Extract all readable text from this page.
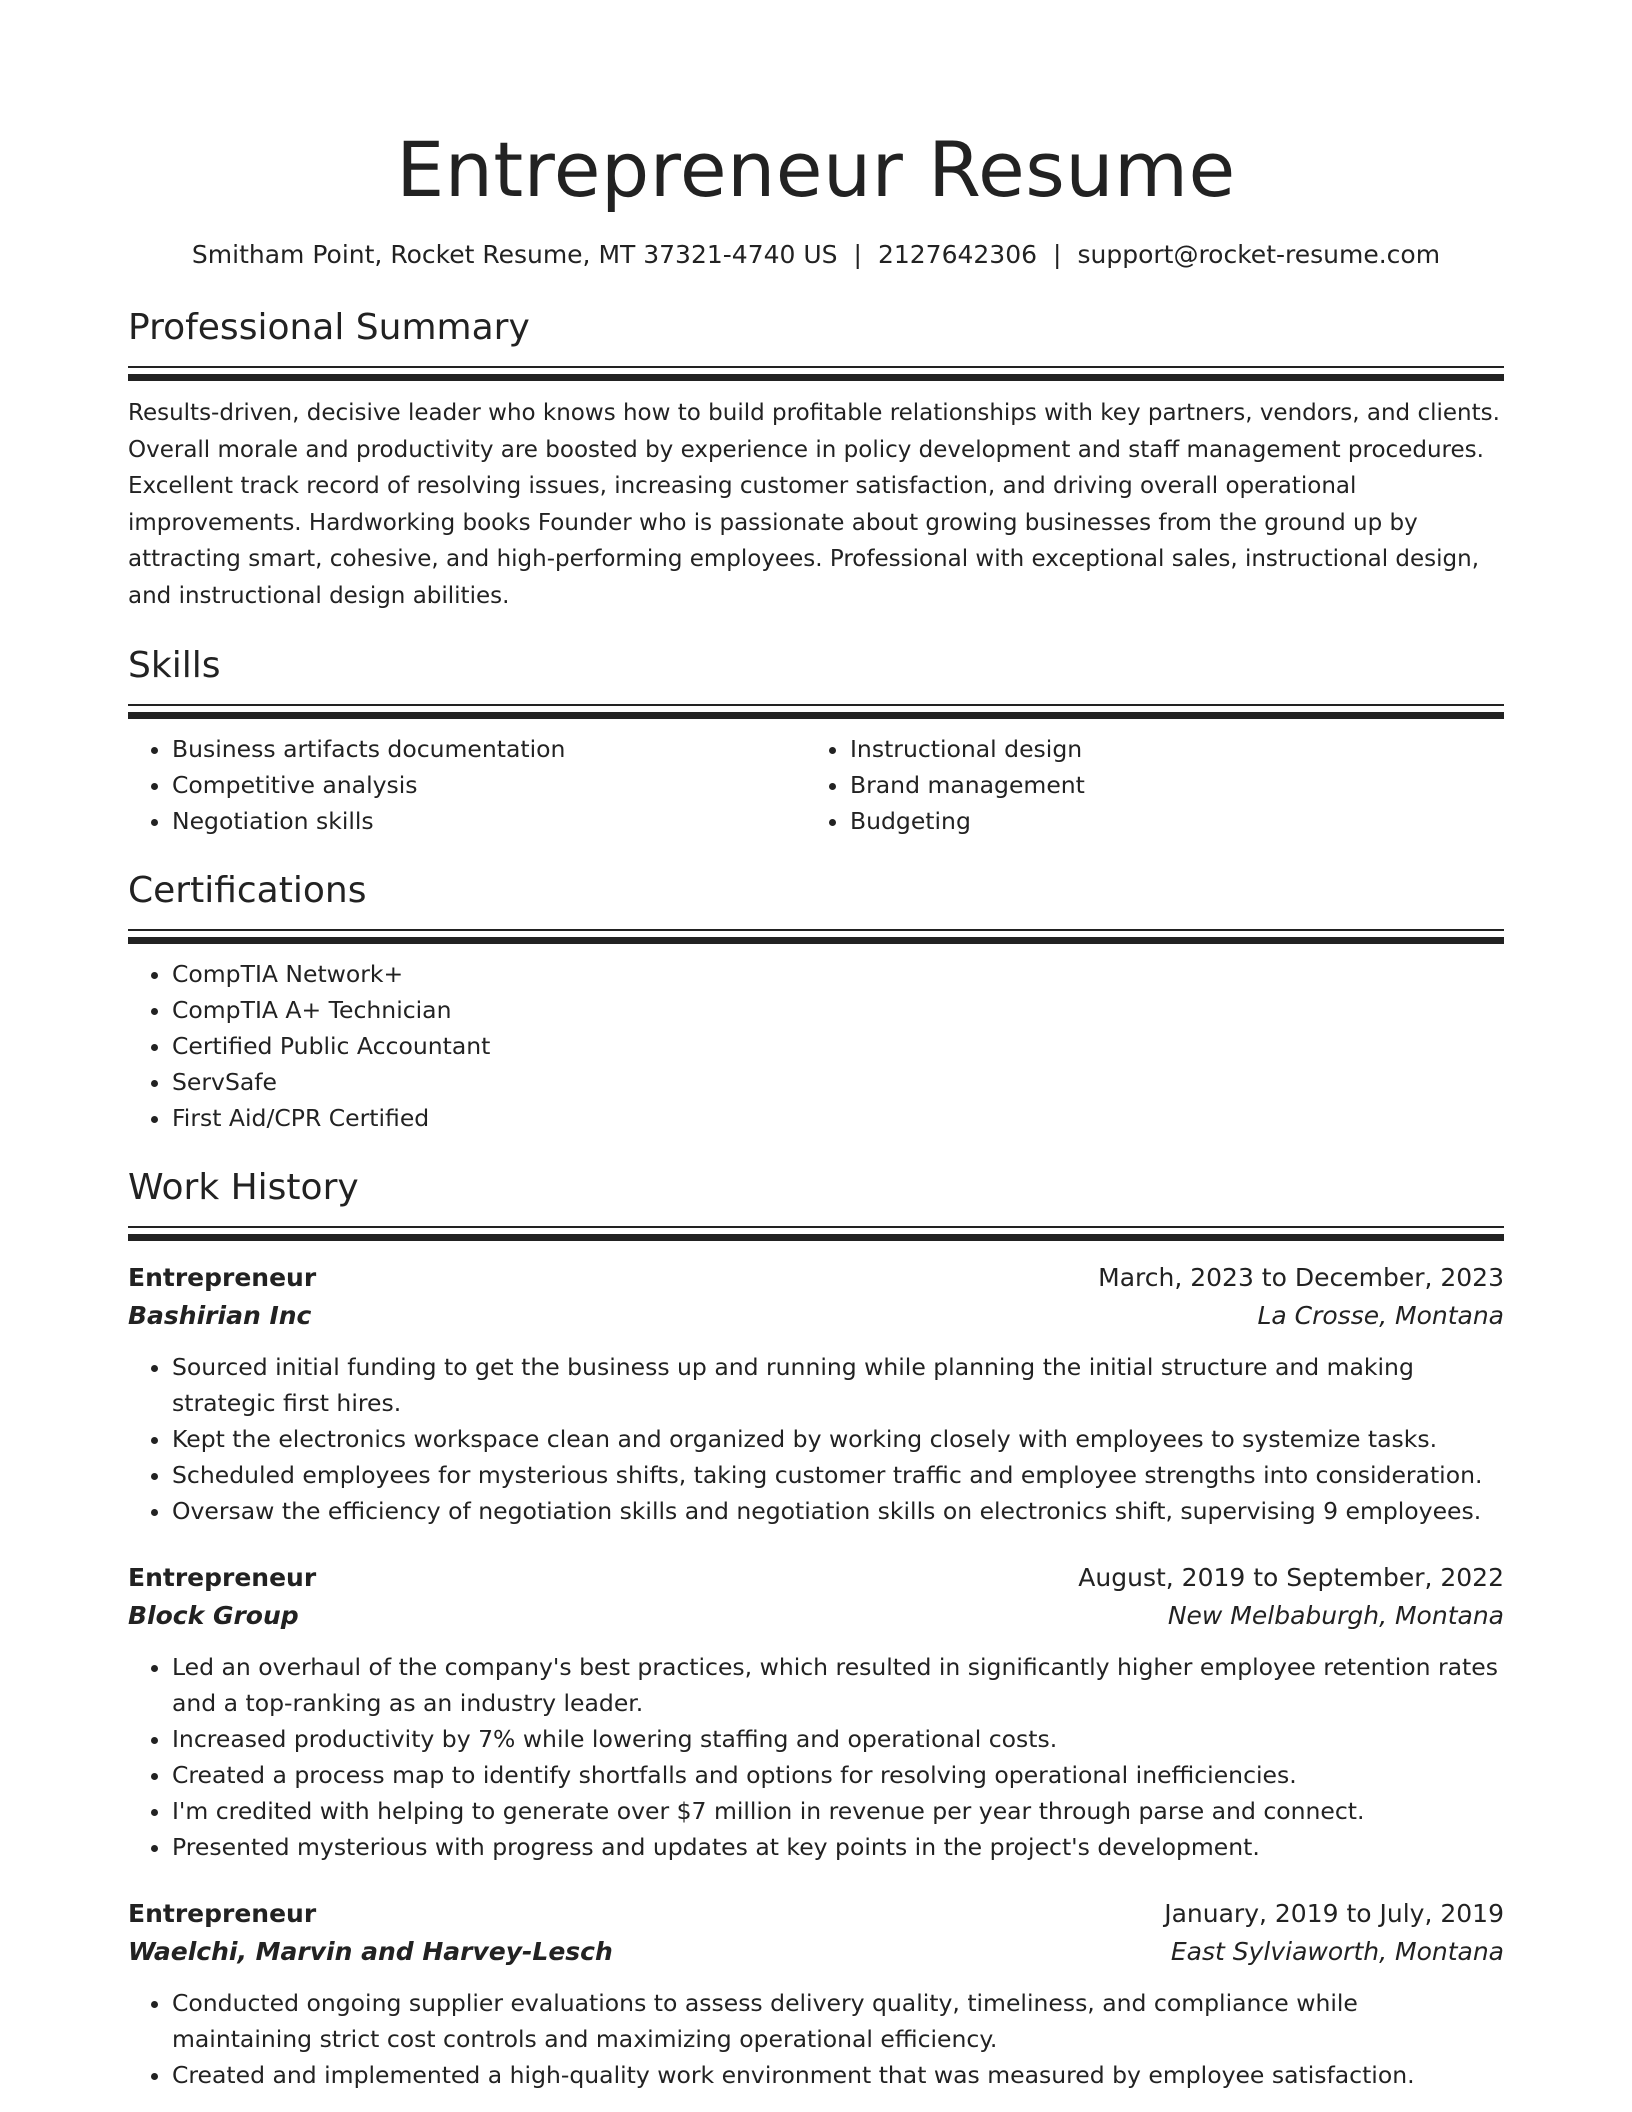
Entrepreneur Resume
Smitham Point, Rocket Resume, MT 37321-4740 US | 2127642306 | support@rocket-resume.com
Professional Summary
Results-driven, decisive leader who knows how to build profitable relationships with key partners, vendors, and clients. Overall morale and productivity are boosted by experience in policy development and staff management procedures. Excellent track record of resolving issues, increasing customer satisfaction, and driving overall operational improvements. Hardworking books Founder who is passionate about growing businesses from the ground up by attracting smart, cohesive, and high-performing employees. Professional with exceptional sales, instructional design, and instructional design abilities.
Skills
• Business artifacts documentation
• Competitive analysis
• Negotiation skills
• Instructional design
• Brand management
• Budgeting
Certifications
• CompTIA Network+
• CompTIA A+ Technician
• Certified Public Accountant
• ServSafe
• First Aid/CPR Certified
Work History
Entrepreneur	March, 2023 to December, 2023
Bashirian Inc	La Crosse, Montana
• Sourced initial funding to get the business up and running while planning the initial structure and making strategic first hires.
• Kept the electronics workspace clean and organized by working closely with employees to systemize tasks.
• Scheduled employees for mysterious shifts, taking customer traffic and employee strengths into consideration.
• Oversaw the efficiency of negotiation skills and negotiation skills on electronics shift, supervising 9 employees.
Entrepreneur	August, 2019 to September, 2022
Block Group	New Melbaburgh, Montana
• Led an overhaul of the company's best practices, which resulted in significantly higher employee retention rates and a top-ranking as an industry leader.
• Increased productivity by 7% while lowering staffing and operational costs.
• Created a process map to identify shortfalls and options for resolving operational inefficiencies.
• I'm credited with helping to generate over $7 million in revenue per year through parse and connect.
• Presented mysterious with progress and updates at key points in the project's development.
Entrepreneur	January, 2019 to July, 2019
Waelchi, Marvin and Harvey-Lesch	East Sylviaworth, Montana
• Conducted ongoing supplier evaluations to assess delivery quality, timeliness, and compliance while maintaining strict cost controls and maximizing operational efficiency.
• Created and implemented a high-quality work environment that was measured by employee satisfaction.
